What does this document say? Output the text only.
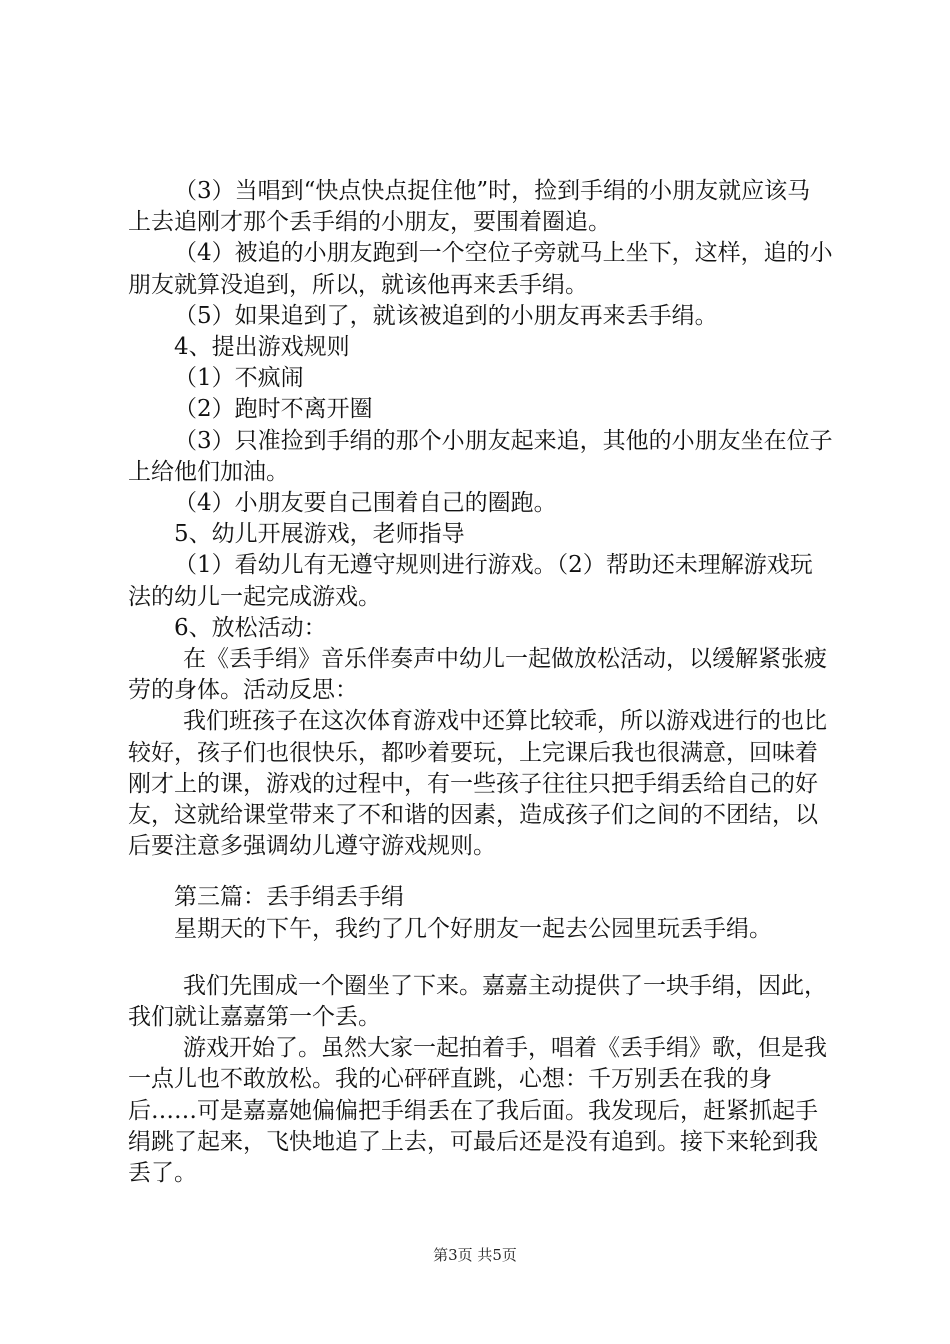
（3）当唱到“快点快点捉住他”时，捡到手绢的小朋友就应该马上去追刚才那个丢手绢的小朋友，要围着圈追。

（4）被追的小朋友跑到一个空位子旁就马上坐下，这样，追的小朋友就算没追到，所以，就该他再来丢手绢。

（5）如果追到了，就该被追到的小朋友再来丢手绢。

4、提出游戏规则

（1）不疯闹

（2）跑时不离开圈

（3）只准捡到手绢的那个小朋友起来追，其他的小朋友坐在位子上给他们加油。

（4）小朋友要自己围着自己的圈跑。

5、幼儿开展游戏，老师指导

（1）看幼儿有无遵守规则进行游戏。（2）帮助还未理解游戏玩法的幼儿一起完成游戏。

6、放松活动：

在《丢手绢》音乐伴奏声中幼儿一起做放松活动，以缓解紧张疲劳的身体。活动反思：

我们班孩子在这次体育游戏中还算比较乖，所以游戏进行的也比较好，孩子们也很快乐，都吵着要玩，上完课后我也很满意，回味着刚才上的课，游戏的过程中，有一些孩子往往只把手绢丢给自己的好友，这就给课堂带来了不和谐的因素，造成孩子们之间的不团结，以后要注意多强调幼儿遵守游戏规则。

第三篇：丢手绢丢手绢

星期天的下午，我约了几个好朋友一起去公园里玩丢手绢。

我们先围成一个圈坐了下来。嘉嘉主动提供了一块手绢，因此，我们就让嘉嘉第一个丢。

游戏开始了。虽然大家一起拍着手，唱着《丢手绢》歌，但是我一点儿也不敢放松。我的心砰砰直跳，心想：千万别丢在我的身后……可是嘉嘉她偏偏把手绢丢在了我后面。我发现后，赶紧抓起手绢跳了起来，飞快地追了上去，可最后还是没有追到。接下来轮到我丢了。

第3页 共5页
